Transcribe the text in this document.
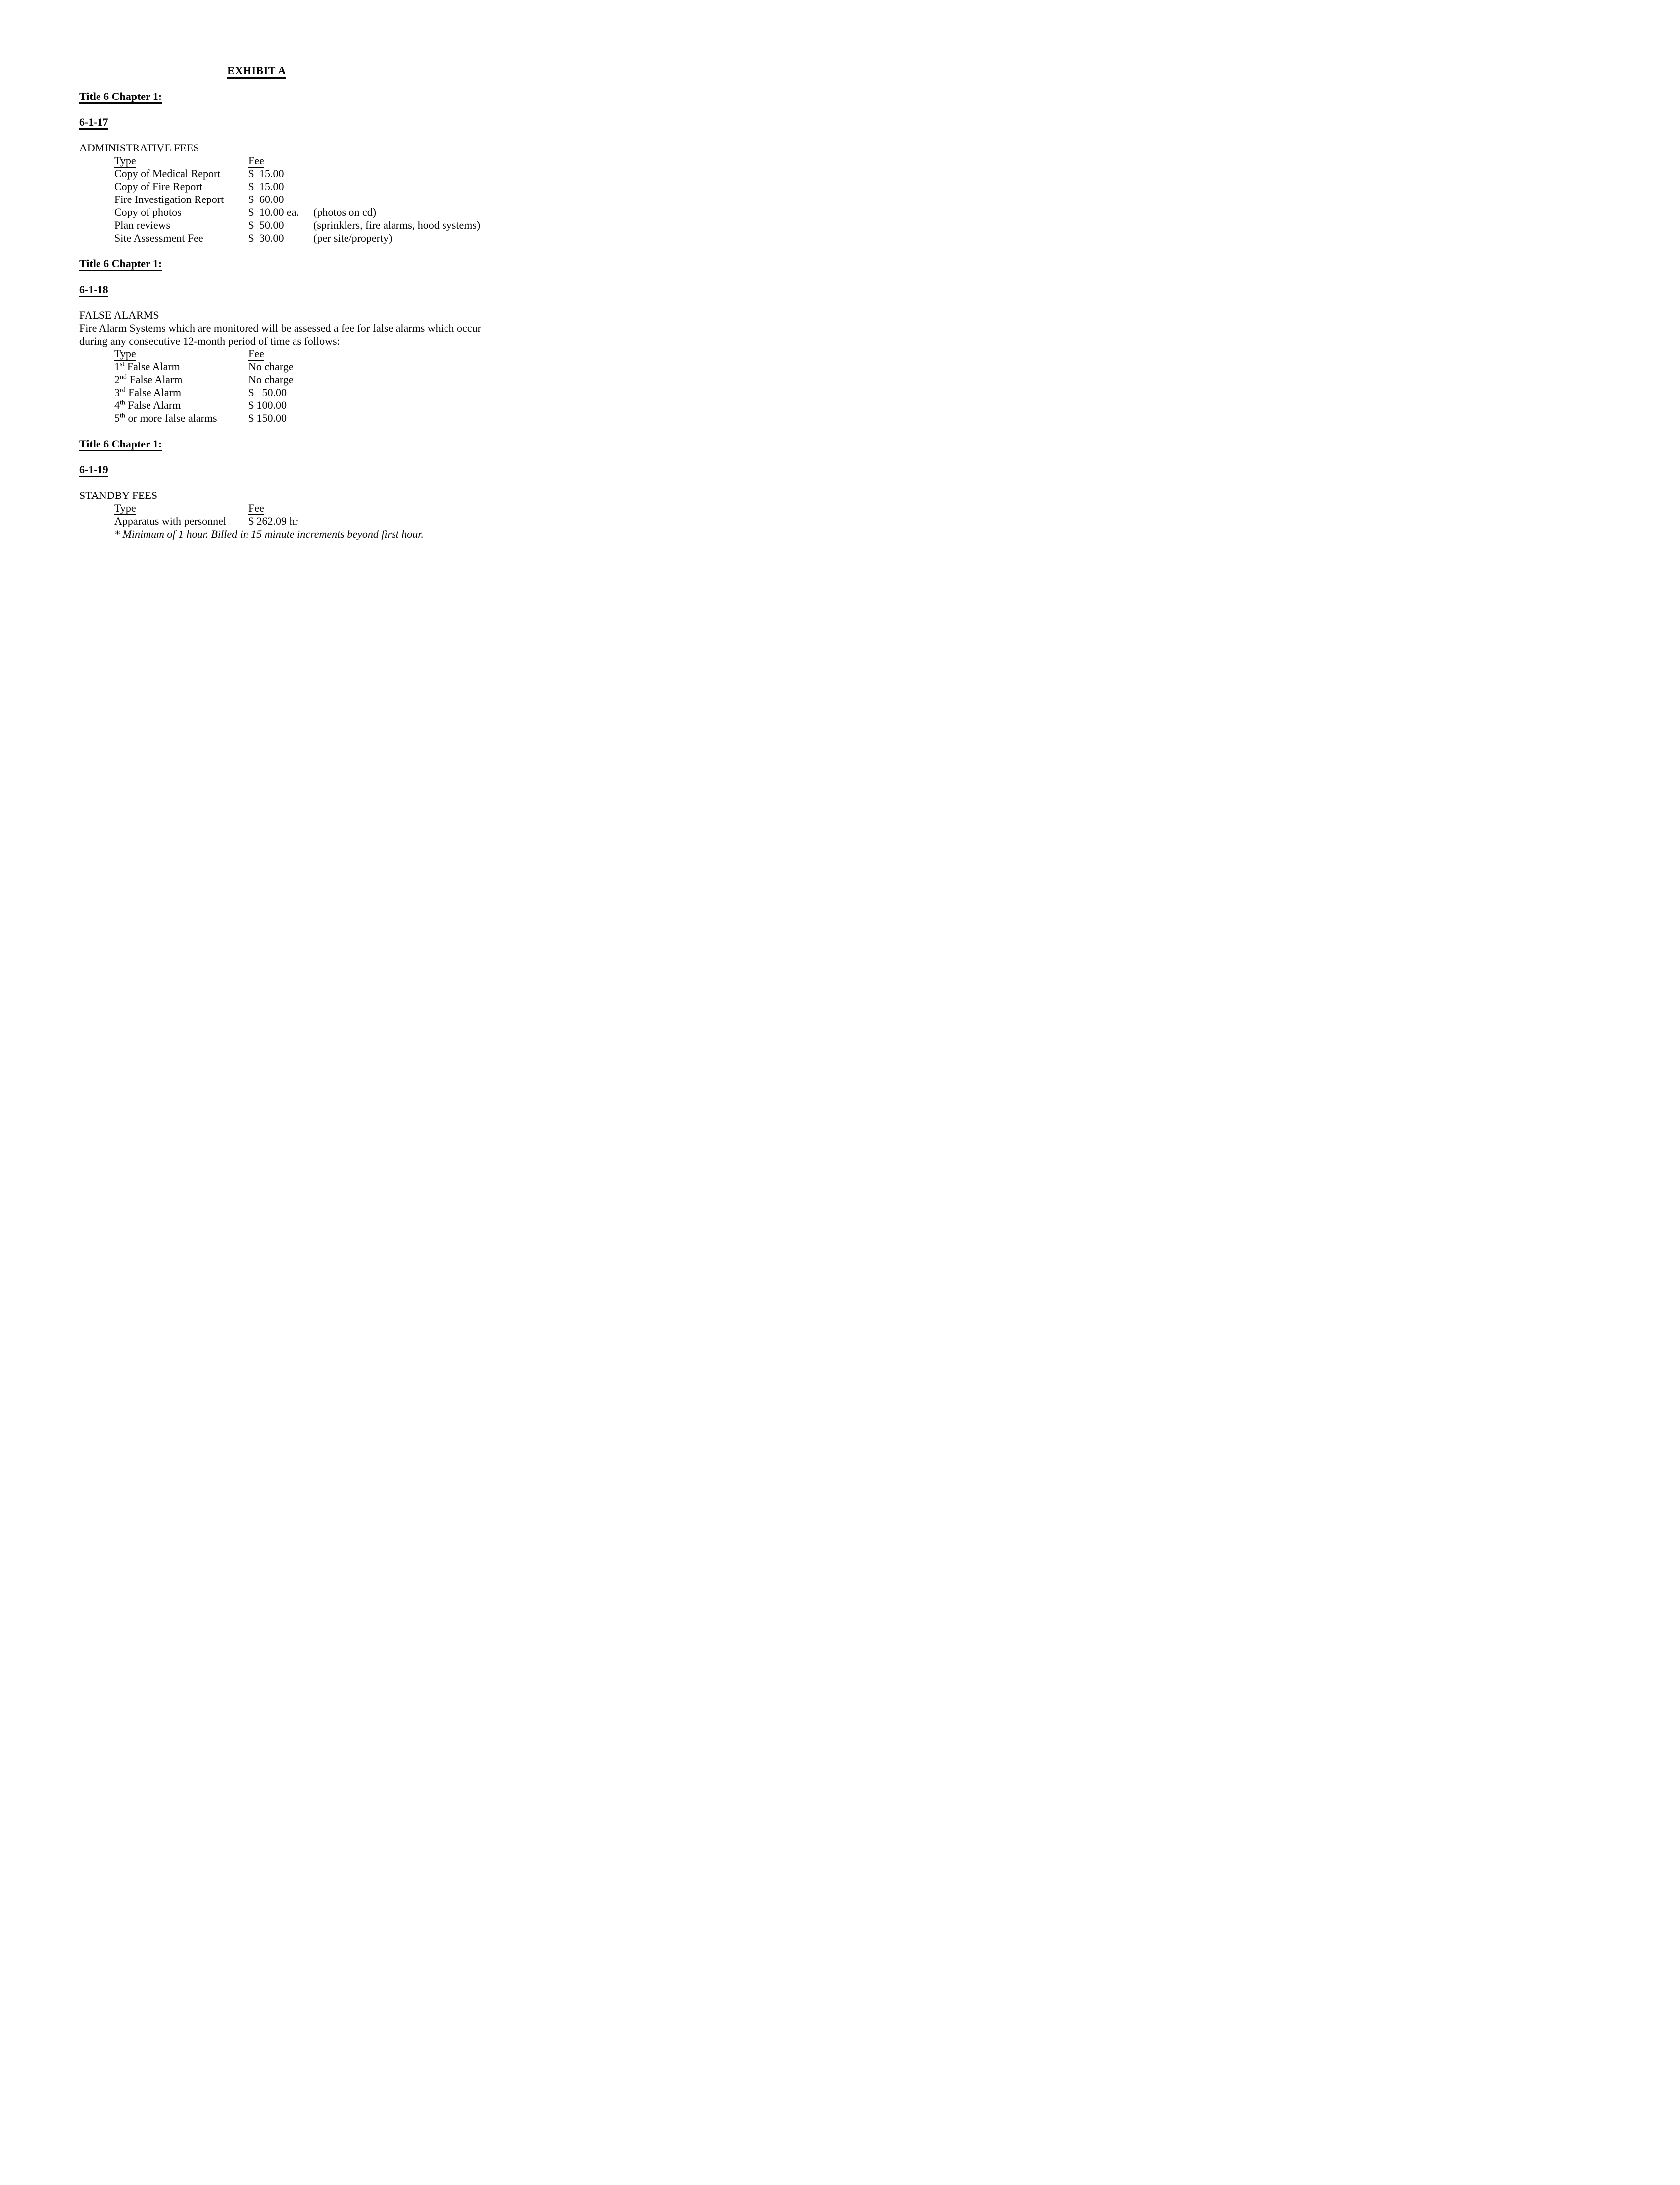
EXHIBIT A
Title 6 Chapter 1:
6-1-17
ADMINISTRATIVE FEES
Type	Fee
Copy of Medical Report	$  15.00
Copy of Fire Report	$  15.00
Fire Investigation Report	$  60.00
Copy of photos	$  10.00 ea.	(photos on cd)
Plan reviews	$  50.00	(sprinklers, fire alarms, hood systems)
Site Assessment Fee	$  30.00	(per site/property)
Title 6 Chapter 1:
6-1-18
FALSE ALARMS

Fire Alarm Systems which are monitored will be assessed a fee for false alarms which occur

during any consecutive 12-month period of time as follows:

Type	Fee
1st False Alarm	No charge
2nd False Alarm	No charge
3rd False Alarm	$   50.00
4th False Alarm	$ 100.00
5th or more false alarms	$ 150.00
Title 6 Chapter 1:
6-1-19
STANDBY FEES
Type	Fee
Apparatus with personnel	$ 262.09 hr
* Minimum of 1 hour. Billed in 15 minute increments beyond first hour.
